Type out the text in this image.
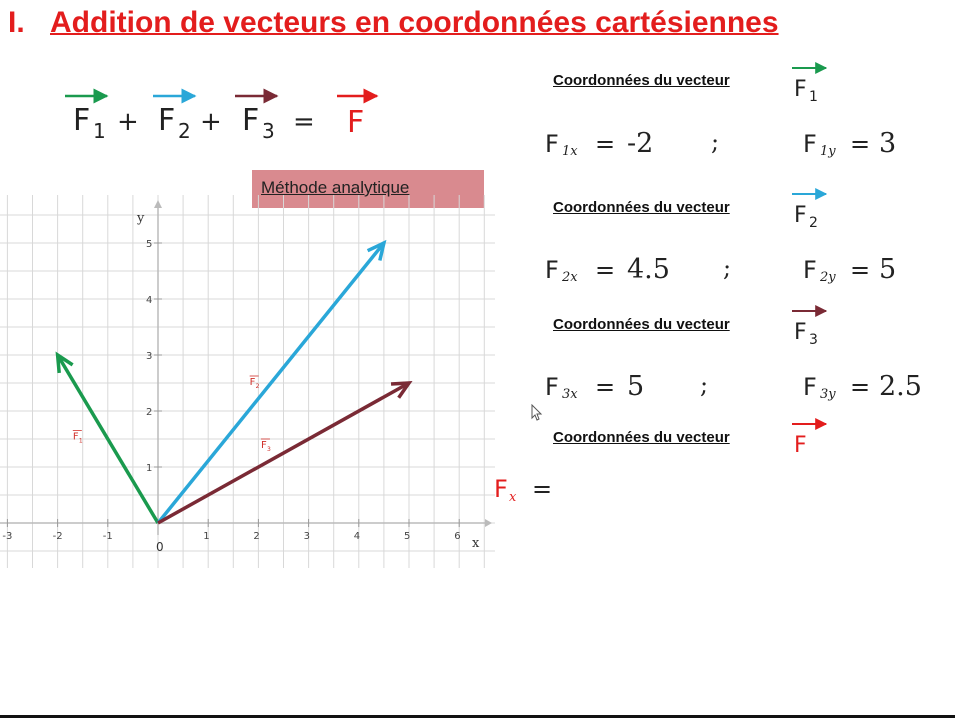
I. Addition de vecteurs en coordonnées cartésiennes
F 1 + F 2 + F 3 = F
Méthode analytique
x
y
0
-3	-2	-1	1	2	3	4	5	6
1
2
3
4
5
F 1
F 2
F 3
Coordonnées du vecteur	F 1
F 1x = -2 ;	F 1y = 3
Coordonnées du vecteur	F 2
F 2x = 4.5 ;	F 2y = 5
Coordonnées du vecteur	F 3
F 3x = 5 ;	F 3y = 2.5
Coordonnées du vecteur	F
F x =
